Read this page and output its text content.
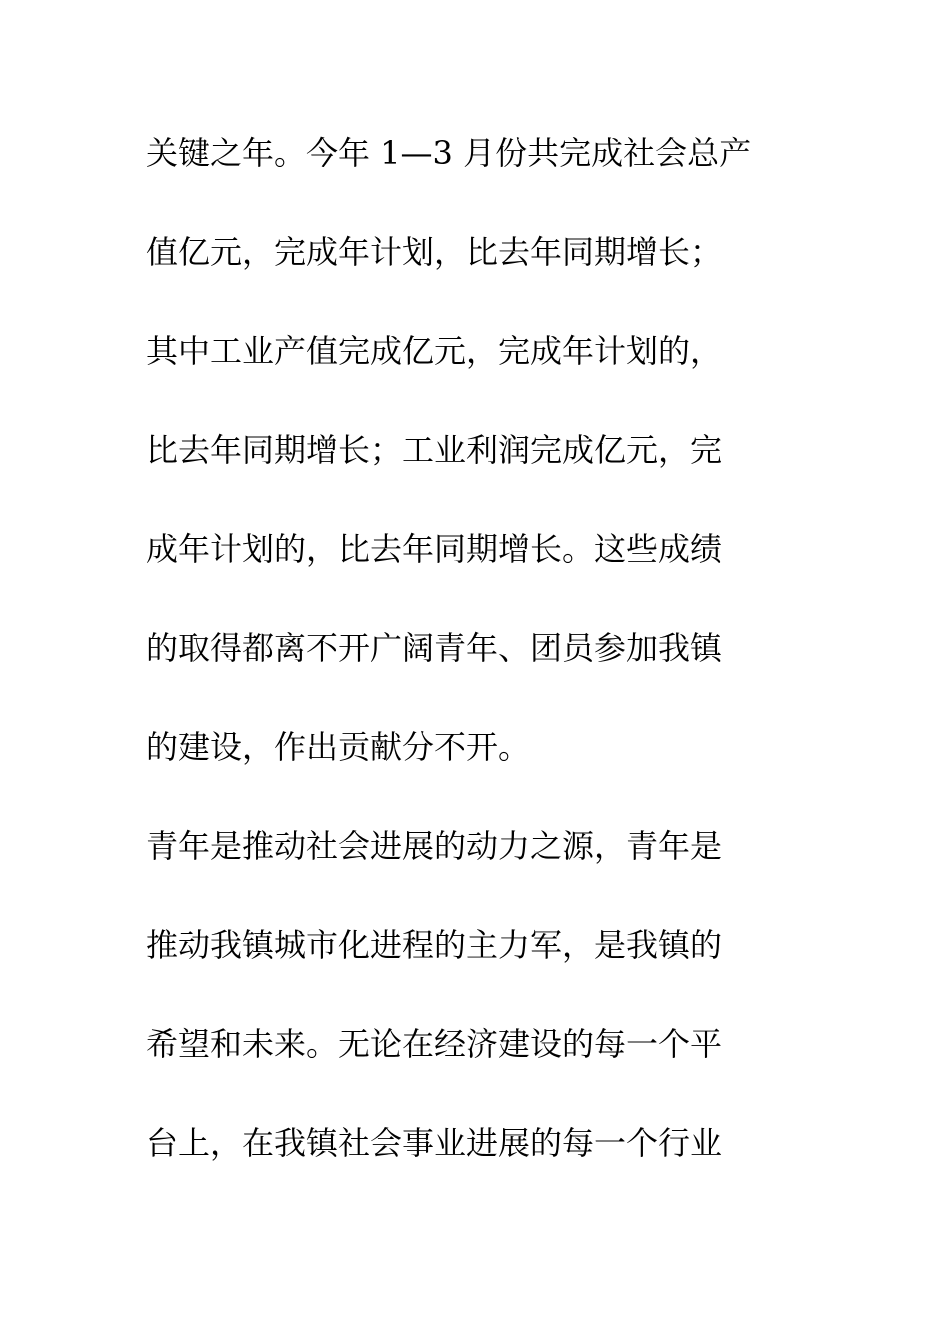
关键之年。今年 1—3 月份共完成社会总产
值亿元，完成年计划，比去年同期增长；
其中工业产值完成亿元，完成年计划的，
比去年同期增长；工业利润完成亿元，完
成年计划的，比去年同期增长。这些成绩
的取得都离不开广阔青年、团员参加我镇
的建设，作出贡献分不开。
青年是推动社会进展的动力之源，青年是
推动我镇城市化进程的主力军，是我镇的
希望和未来。无论在经济建设的每一个平
台上，在我镇社会事业进展的每一个行业
